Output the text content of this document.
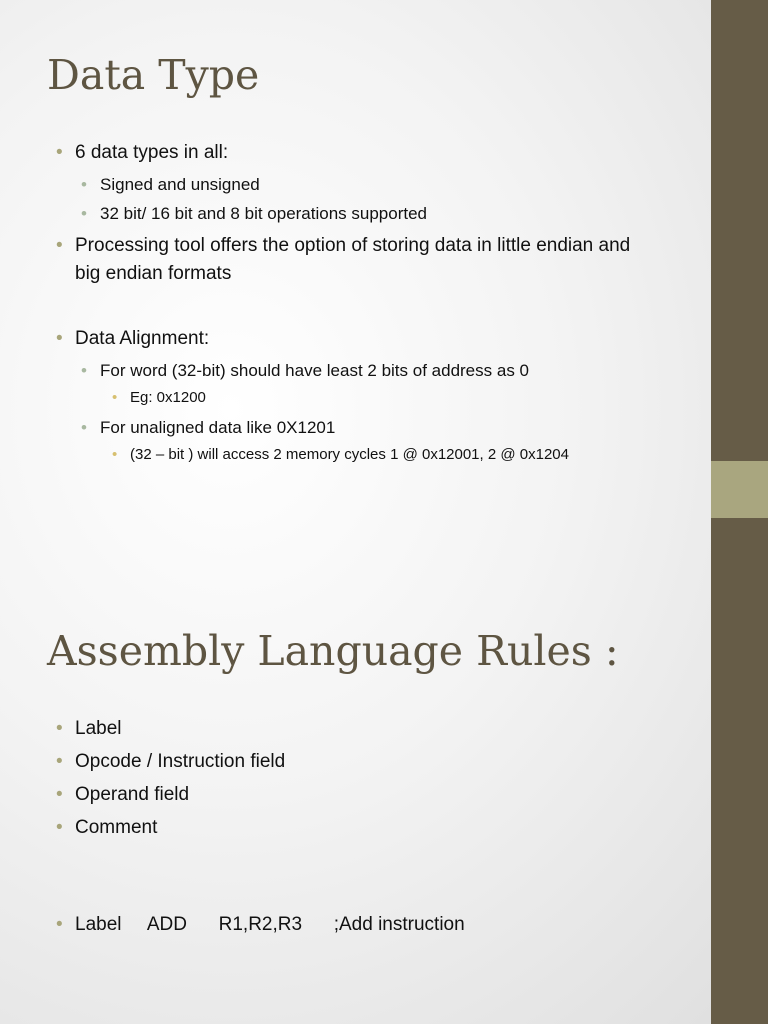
Data Type

• 6 data types in all:

• Signed and unsigned

• 32 bit/ 16 bit and 8 bit operations supported

• Processing tool offers the option of storing data in little endian and big endian formats

• Data Alignment:

• For word (32-bit) should have least 2 bits of address as 0

• Eg: 0x1200

• For unaligned data like 0X1201

• (32 – bit ) will access 2 memory cycles 1 @ 0x12001, 2 @ 0x1204

Assembly Language Rules :

• Label

• Opcode / Instruction field

• Operand field

• Comment

• Label     ADD      R1,R2,R3      ;Add instruction
